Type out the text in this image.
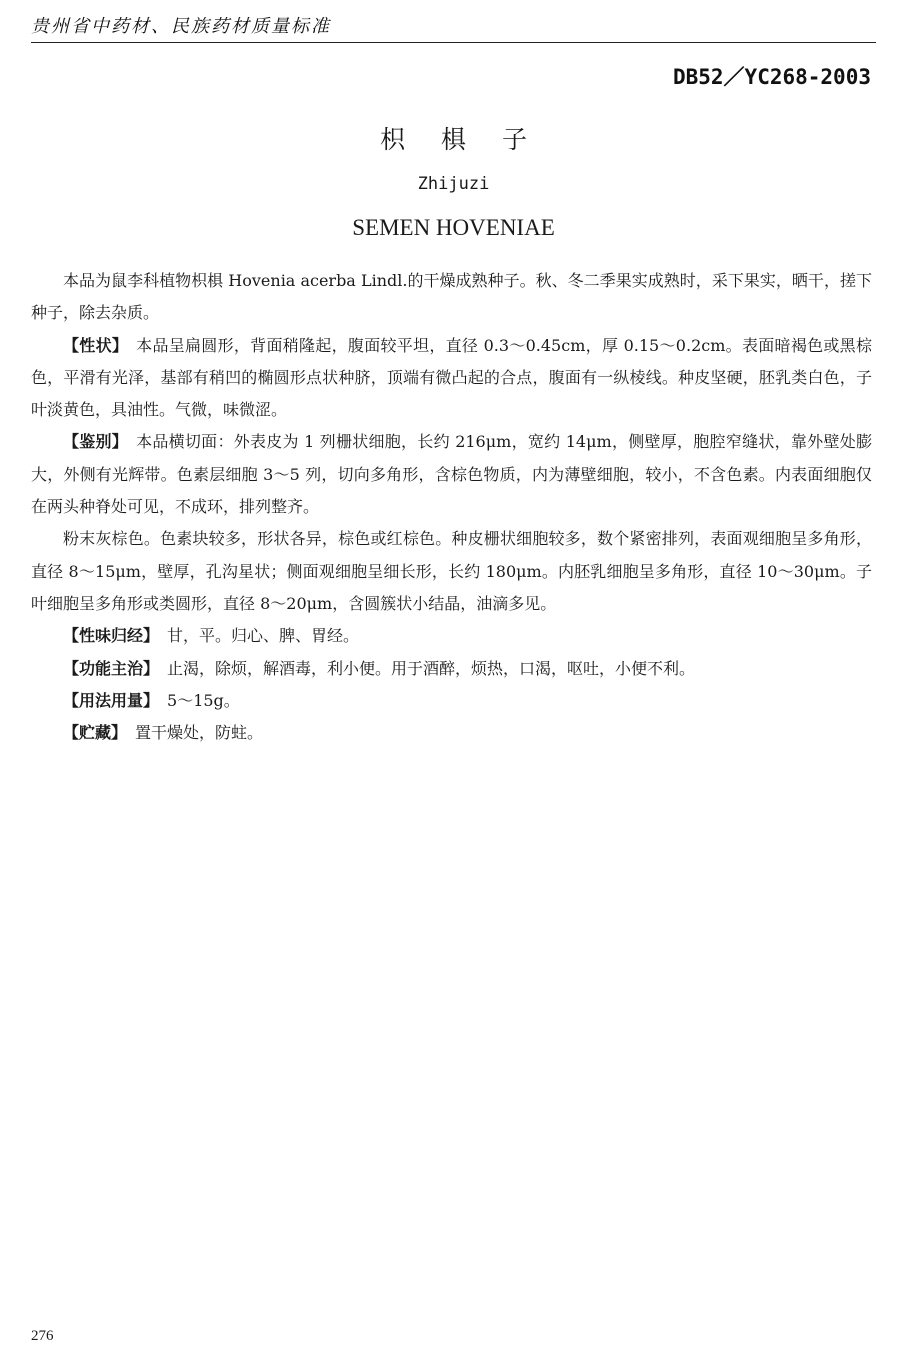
贵州省中药材、民族药材质量标准
DB52／YC268-2003
枳 椇 子
Zhijuzi
SEMEN HOVENIAE

本品为鼠李科植物枳椇 Hovenia acerba Lindl.的干燥成熟种子。秋、冬二季果实成熟时，采下果实，晒干，搓下种子，除去杂质。

【性状】 本品呈扁圆形，背面稍隆起，腹面较平坦，直径 0.3～0.45cm，厚 0.15～0.2cm。表面暗褐色或黑棕色，平滑有光泽，基部有稍凹的椭圆形点状种脐，顶端有微凸起的合点，腹面有一纵棱线。种皮坚硬，胚乳类白色，子叶淡黄色，具油性。气微，味微涩。

【鉴别】 本品横切面：外表皮为 1 列栅状细胞，长约 216μm，宽约 14μm，侧壁厚，胞腔窄缝状，靠外壁处膨大，外侧有光辉带。色素层细胞 3～5 列，切向多角形，含棕色物质，内为薄壁细胞，较小，不含色素。内表面细胞仅在两头种脊处可见，不成环，排列整齐。

粉末灰棕色。色素块较多，形状各异，棕色或红棕色。种皮栅状细胞较多，数个紧密排列，表面观细胞呈多角形，直径 8～15μm，壁厚，孔沟星状；侧面观细胞呈细长形，长约 180μm。内胚乳细胞呈多角形，直径 10～30μm。子叶细胞呈多角形或类圆形，直径 8～20μm，含圆簇状小结晶，油滴多见。

【性味归经】 甘，平。归心、脾、胃经。

【功能主治】 止渴，除烦，解酒毒，利小便。用于酒醉，烦热，口渴，呕吐，小便不利。

【用法用量】 5～15g。

【贮藏】 置干燥处，防蛀。

276
